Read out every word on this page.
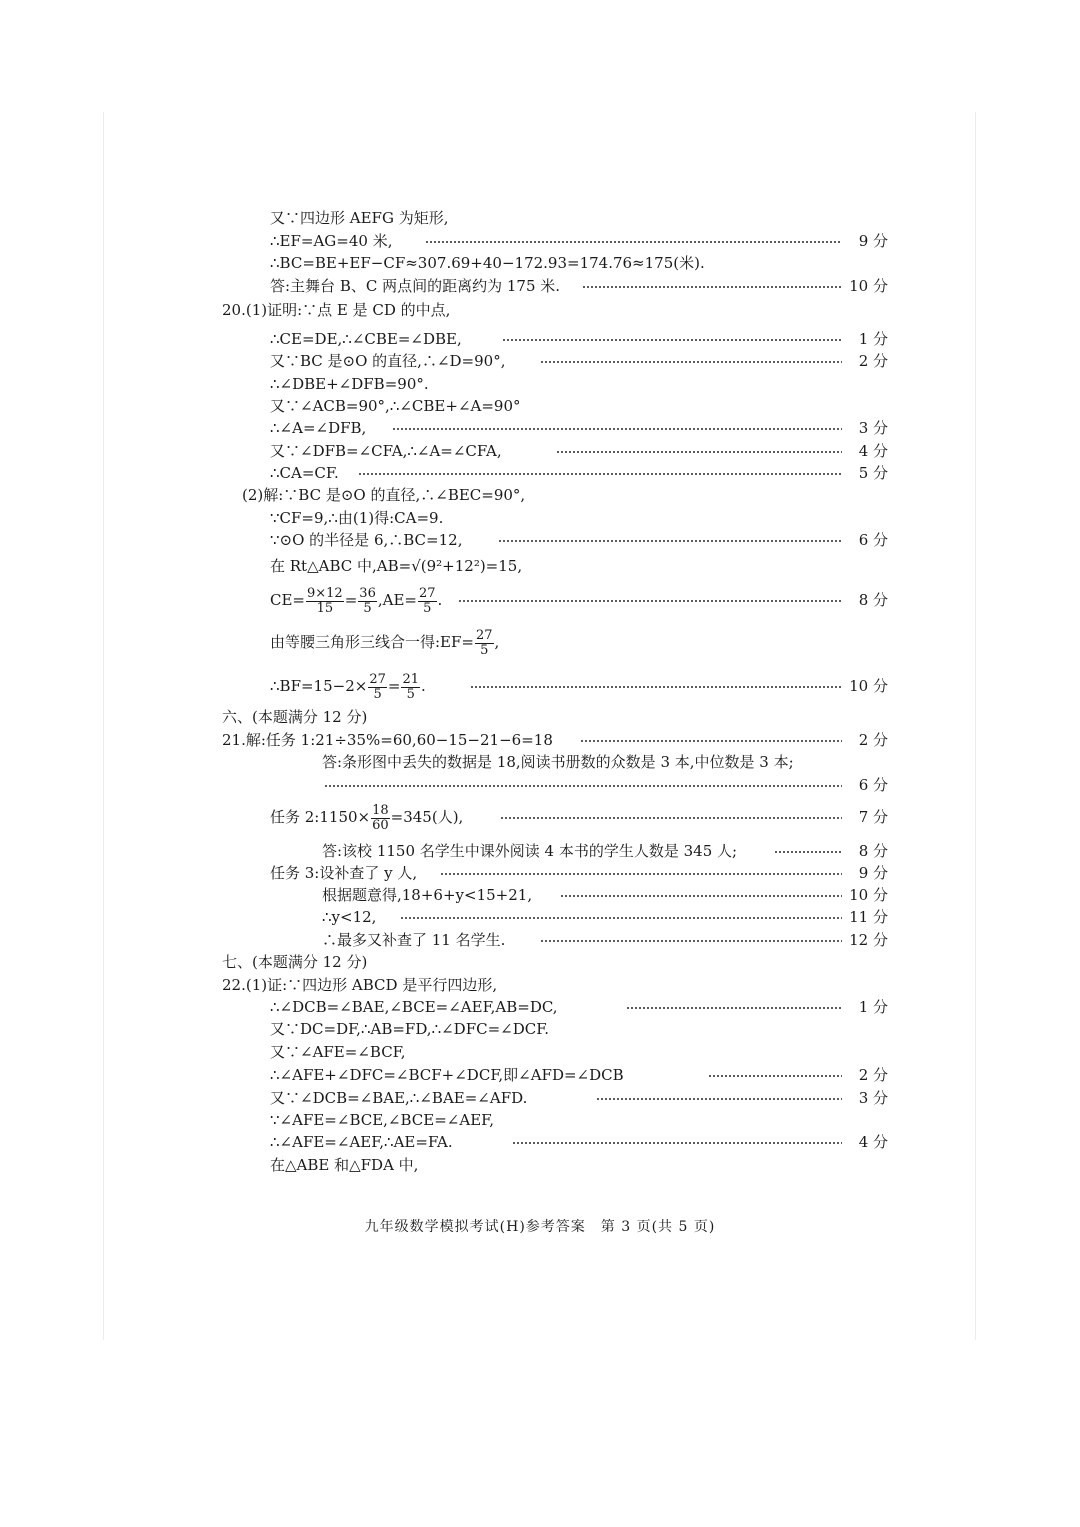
又∵四边形 AEFG 为矩形,
∴EF=AG=40 米,	9 分
∴BC=BE+EF−CF≈307.69+40−172.93=174.76≈175(米).
答:主舞台 B、C 两点间的距离约为 175 米.	10 分
20.(1)证明:∵点 E 是 CD 的中点,
∴CE=DE,∴∠CBE=∠DBE,	1 分
又∵BC 是⊙O 的直径,∴∠D=90°,	2 分
∴∠DBE+∠DFB=90°.
又∵∠ACB=90°,∴∠CBE+∠A=90°
∴∠A=∠DFB,	3 分
又∵∠DFB=∠CFA,∴∠A=∠CFA,	4 分
∴CA=CF.	5 分
(2)解:∵BC 是⊙O 的直径,∴∠BEC=90°,
∵CF=9,∴由(1)得:CA=9.
∵⊙O 的半径是 6,∴BC=12,	6 分
在 Rt△ABC 中,AB=√(9²+12²)=15,
$CE= \frac{9\times 12}{15} = \frac{36}{5} ,AE= \frac{27}{5}$ .	8 分
由等腰三角形三线合一得:EF= $\frac{27}{5}$ ,
∴BF=15−2× $\frac{27}{5} = \frac{21}{5}$ .	10 分
六、(本题满分 12 分)
21.解:任务 1:21÷35%=60,60−15−21−6=18	2 分
答:条形图中丢失的数据是 18,阅读书册数的众数是 3 本,中位数是 3 本;
6 分
任务 2:1150× $\frac{18}{60} =345$(人),	7 分
答:该校 1150 名学生中课外阅读 4 本书的学生人数是 345 人;	8 分
任务 3:设补查了 y 人,	9 分
根据题意得,18+6+y<15+21,	10 分
∴y<12,	11 分
∴最多又补查了 11 名学生.	12 分
七、(本题满分 12 分)
22.(1)证:∵四边形 ABCD 是平行四边形,
∴∠DCB=∠BAE,∠BCE=∠AEF,AB=DC,	1 分
又∵DC=DF,∴AB=FD,∴∠DFC=∠DCF.
又∵∠AFE=∠BCF,
∴∠AFE+∠DFC=∠BCF+∠DCF,即∠AFD=∠DCB	2 分
又∵∠DCB=∠BAE,∴∠BAE=∠AFD.	3 分
∵∠AFE=∠BCE,∠BCE=∠AEF,
∴∠AFE=∠AEF,∴AE=FA.	4 分
在△ABE 和△FDA 中,
九年级数学模拟考试(H)参考答案　第 3 页(共 5 页)
